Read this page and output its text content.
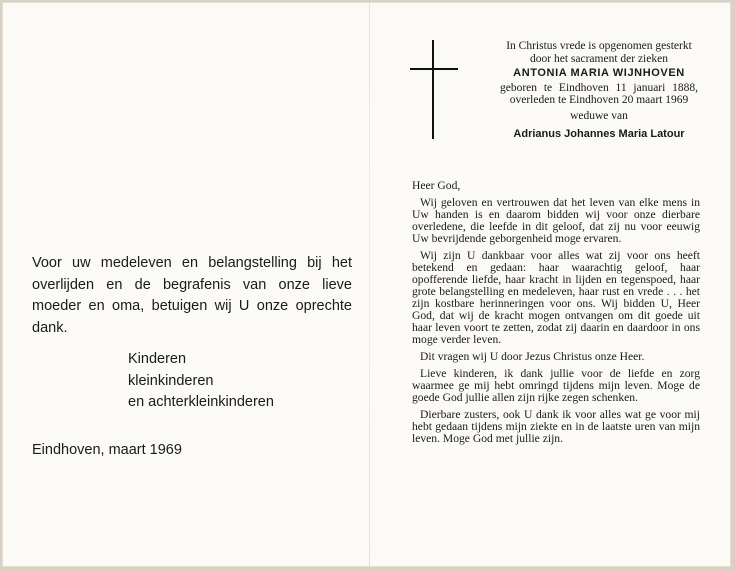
Voor uw medeleven en belangstelling bij het overlijden en de begrafenis van onze lieve moeder en oma, betuigen wij U onze oprechte dank.
Kinderen
kleinkinderen
en achterkleinkinderen
Eindhoven, maart 1969
In Christus vrede is opgenomen gesterkt door het sacrament der zieken
ANTONIA MARIA WIJNHOVEN
geboren te Eindhoven 11 januari 1888, overleden te Eindhoven 20 maart 1969
weduwe van
Adrianus Johannes Maria Latour
Heer God,

Wij geloven en vertrouwen dat het leven van elke mens in Uw handen is en daarom bidden wij voor onze dierbare overledene, die leefde in dit geloof, dat zij nu voor eeuwig Uw bevrijdende geborgenheid moge ervaren.

Wij zijn U dankbaar voor alles wat zij voor ons heeft betekend en gedaan: haar waarachtig geloof, haar opofferende liefde, haar kracht in lijden en tegenspoed, haar grote belangstelling en medeleven, haar rust en vrede . . . het zijn kostbare herinneringen voor ons. Wij bidden U, Heer God, dat wij de kracht mogen ontvangen om dit goede uit haar leven voort te zetten, zodat zij daarin en daardoor in ons moge verder leven.

Dit vragen wij U door Jezus Christus onze Heer.

Lieve kinderen, ik dank jullie voor de liefde en zorg waarmee ge mij hebt omringd tijdens mijn leven. Moge de goede God jullie allen zijn rijke zegen schenken.

Dierbare zusters, ook U dank ik voor alles wat ge voor mij hebt gedaan tijdens mijn ziekte en in de laatste uren van mijn leven. Moge God met jullie zijn.
